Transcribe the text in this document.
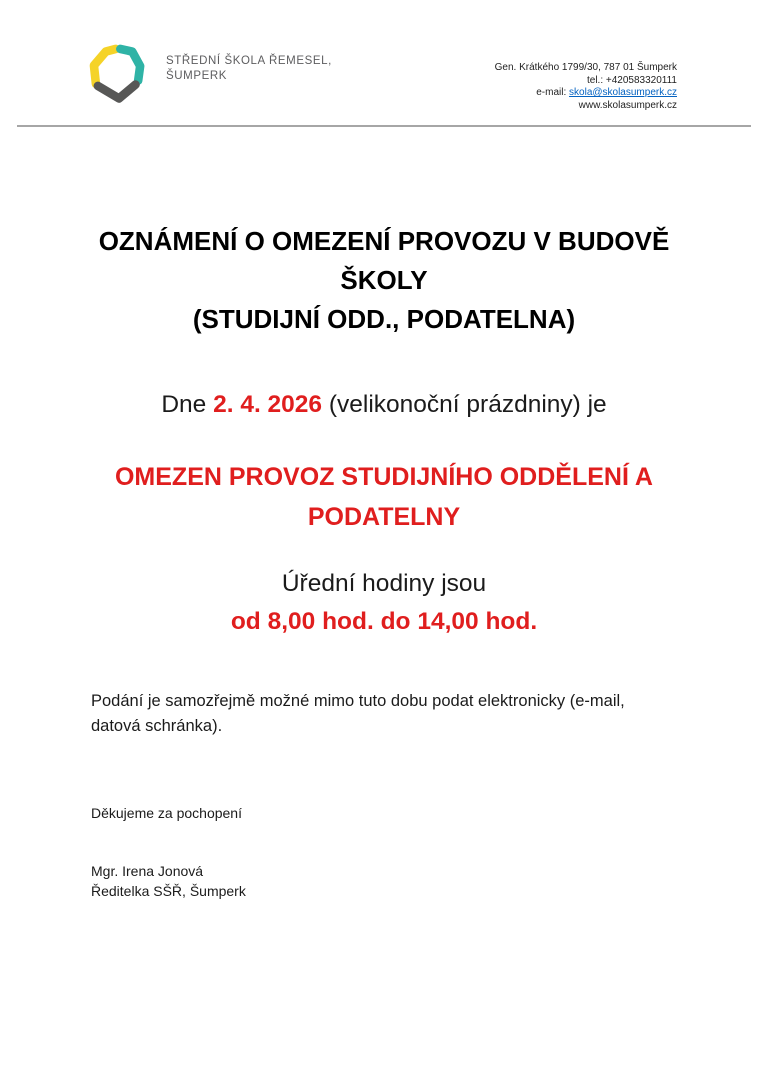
STŘEDNÍ ŠKOLA ŘEMESEL,
ŠUMPERK
Gen. Krátkého 1799/30, 787 01 Šumperk
tel.: +420583320111
e-mail: skola@skolasumperk.cz
www.skolasumperk.cz
OZNÁMENÍ O OMEZENÍ PROVOZU V BUDOVĚ
ŠKOLY
(STUDIJNÍ ODD., PODATELNA)
Dne 2. 4. 2026 (velikonoční prázdniny) je
OMEZEN PROVOZ STUDIJNÍHO ODDĚLENÍ A
PODATELNY
Úřední hodiny jsou
od 8,00 hod. do 14,00 hod.

Podání je samozřejmě možné mimo tuto dobu podat elektronicky (e-mail, datová schránka).

Děkujeme za pochopení

Mgr. Irena Jonová
Ředitelka SŠŘ, Šumperk
